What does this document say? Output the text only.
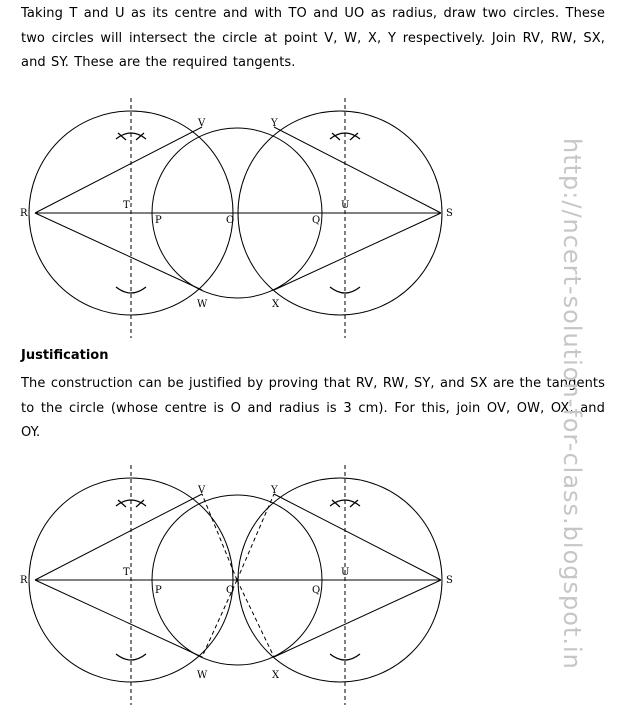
Taking T and U as its centre and with TO and UO as radius, draw two circles. These two circles will intersect the circle at point V, W, X, Y respectively. Join RV, RW, SX, and SY. These are the required tangents.
R	S
T	U
P	O	Q
V	Y
W	X
Justification
The construction can be justified by proving that RV, RW, SY, and SX are the tangents to the circle (whose centre is O and radius is 3 cm). For this, join OV, OW, OX, and OY.
R	S
T	U
P	O	Q
V	Y
W	X
http://ncert-solution-for-class.blogspot.in
